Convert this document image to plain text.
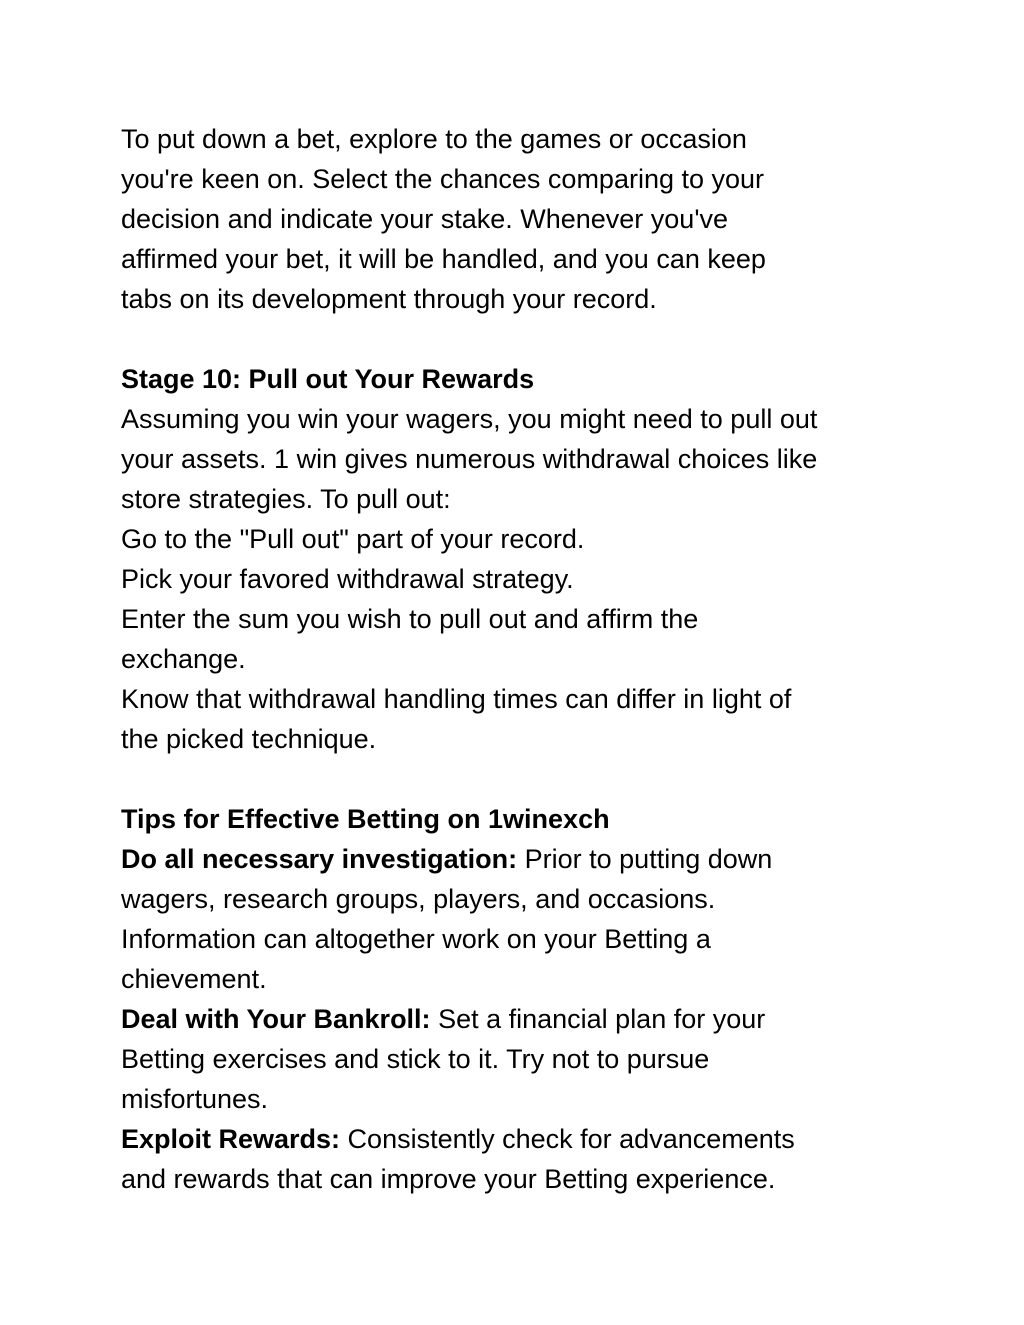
To put down a bet, explore to the games or occasion
you're keen on. Select the chances comparing to your
decision and indicate your stake. Whenever you've
affirmed your bet, it will be handled, and you can keep
tabs on its development through your record.
Stage 10: Pull out Your Rewards
Assuming you win your wagers, you might need to pull out
your assets. 1 win gives numerous withdrawal choices like
store strategies. To pull out:
Go to the "Pull out" part of your record.
Pick your favored withdrawal strategy.
Enter the sum you wish to pull out and affirm the
exchange.
Know that withdrawal handling times can differ in light of
the picked technique.
Tips for Effective Betting on 1winexch
Do all necessary investigation: Prior to putting down
wagers, research groups, players, and occasions.
Information can altogether work on your Betting a
chievement.
Deal with Your Bankroll: Set a financial plan for your
Betting exercises and stick to it. Try not to pursue
misfortunes.
Exploit Rewards: Consistently check for advancements
and rewards that can improve your Betting experience.
